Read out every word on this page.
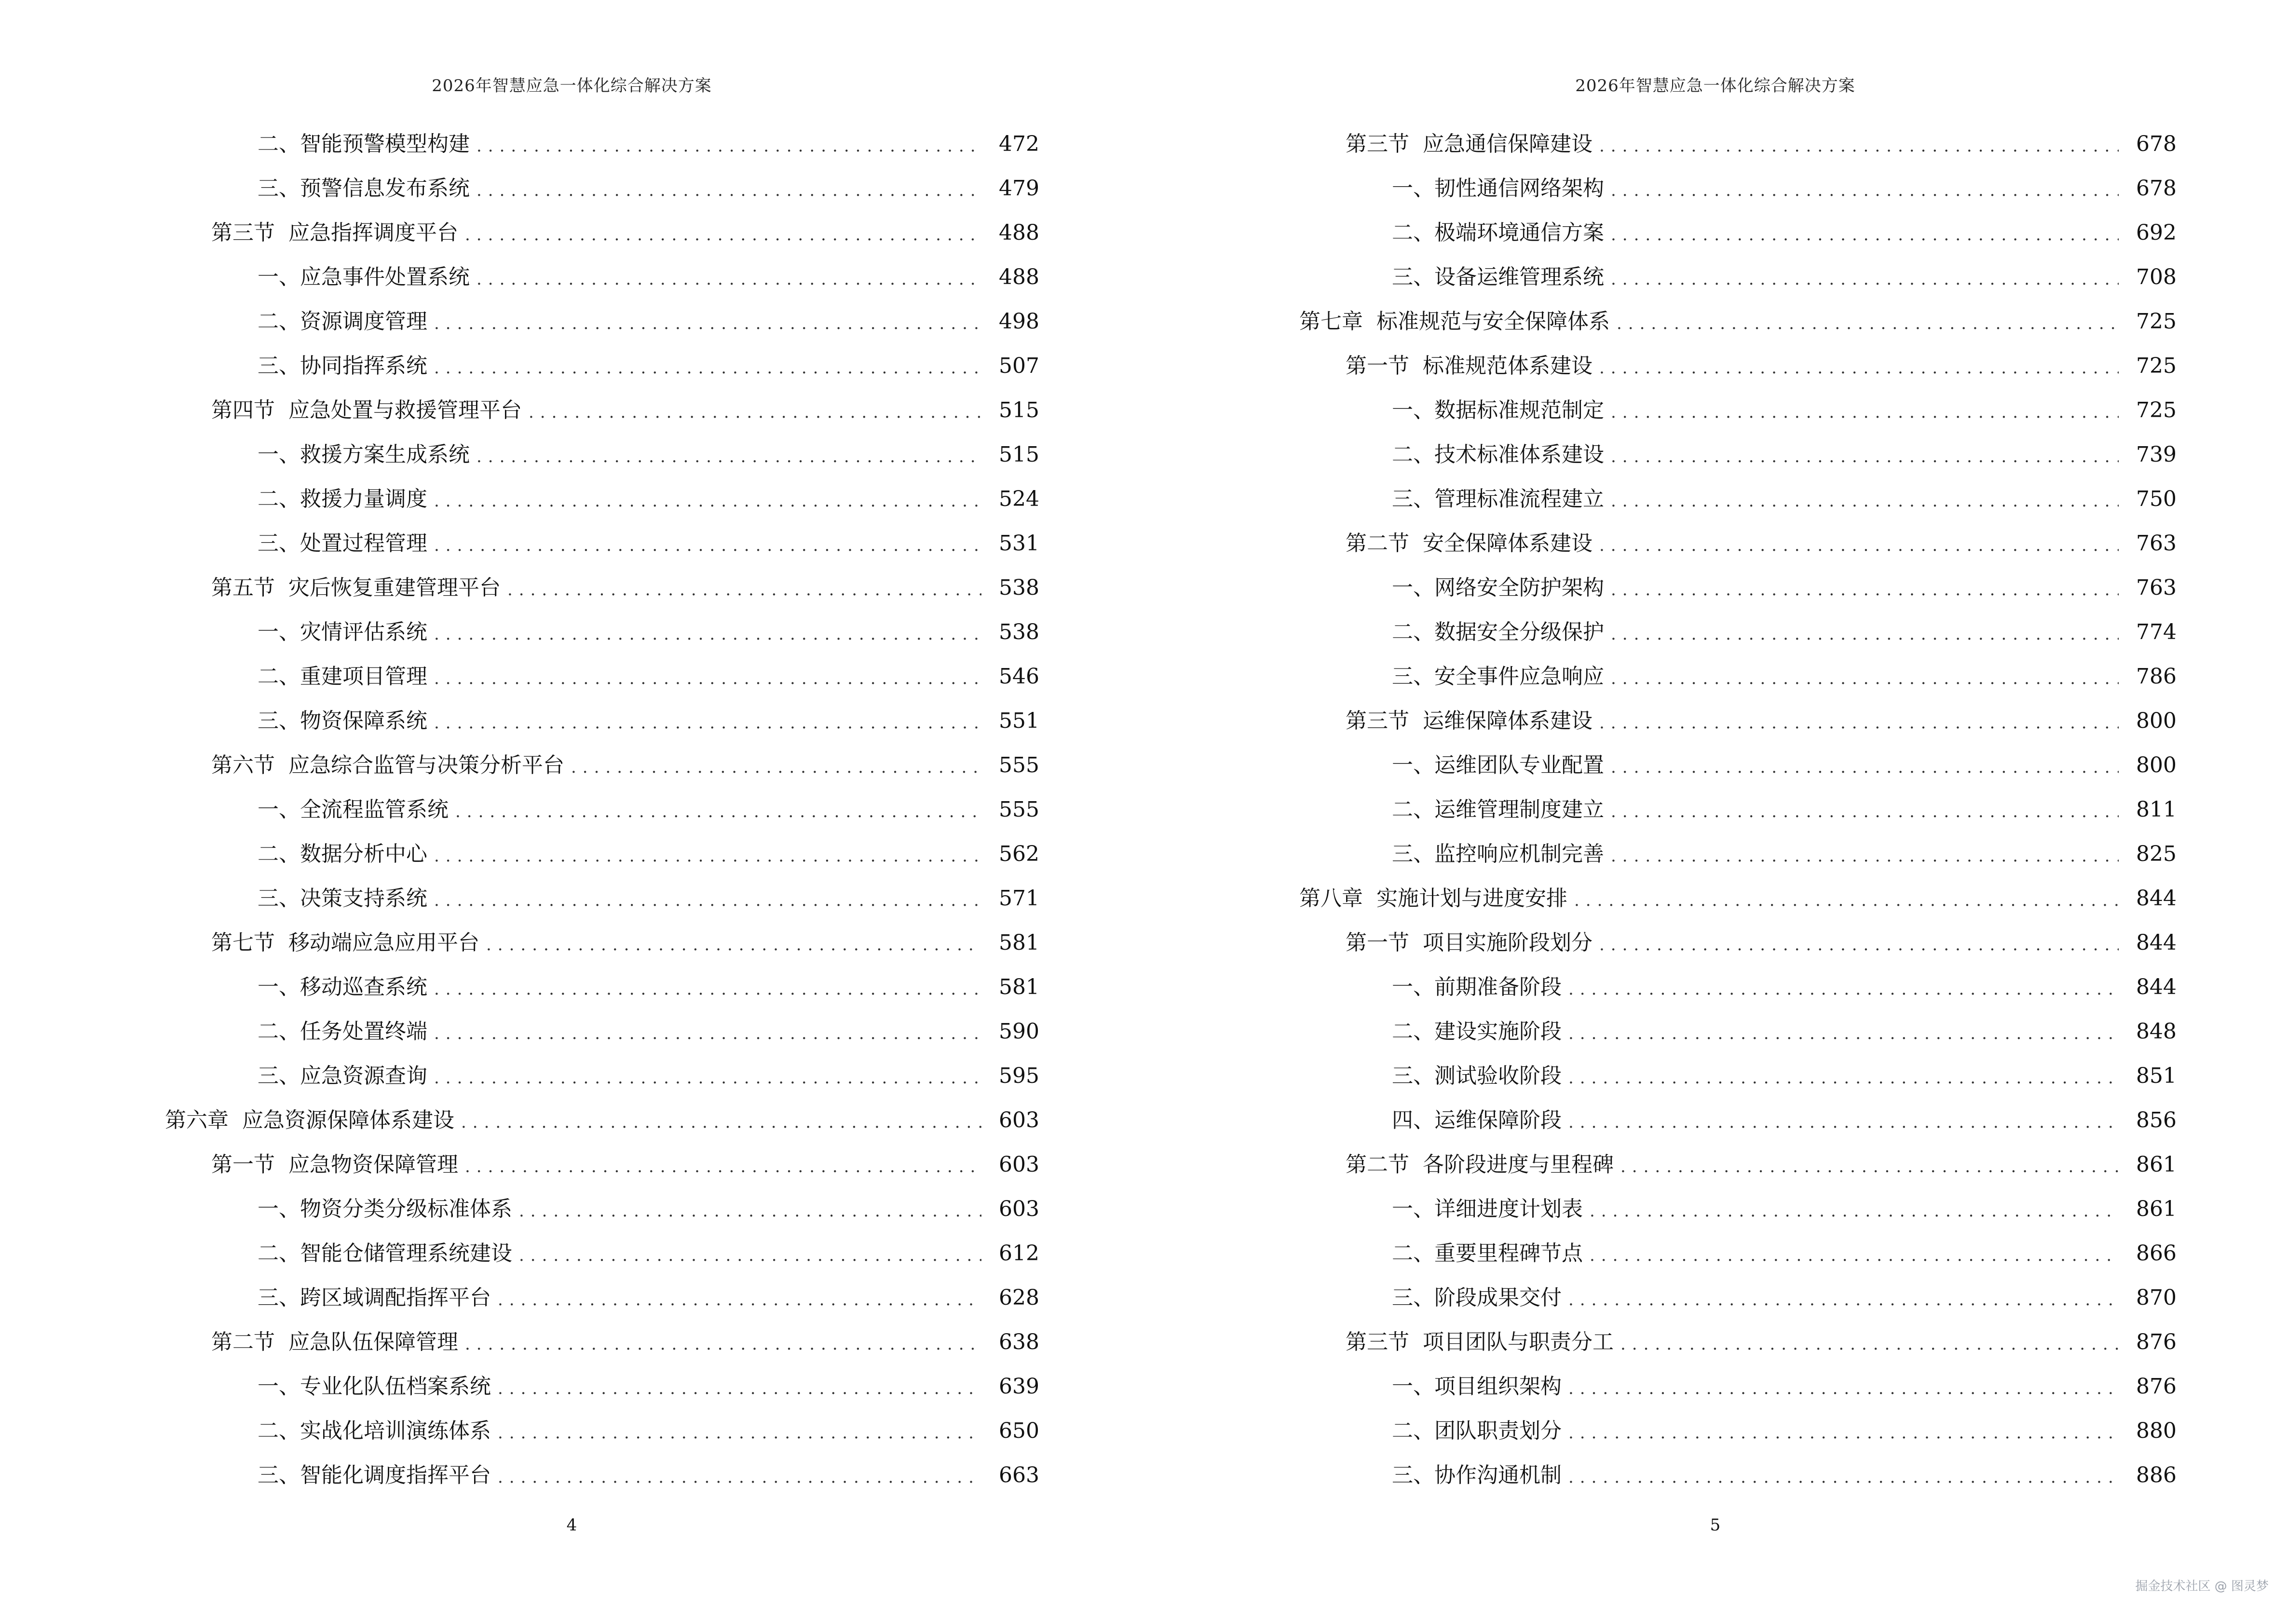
2026年智慧应急一体化综合解决方案
二、智能预警模型构建 .....	472
三、预警信息发布系统 .....	479
第三节  应急指挥调度平台 .....	488
一、应急事件处置系统 .....	488
二、资源调度管理 .....	498
三、协同指挥系统 .....	507
第四节  应急处置与救援管理平台 .....	515
一、救援方案生成系统 .....	515
二、救援力量调度 .....	524
三、处置过程管理 .....	531
第五节  灾后恢复重建管理平台 .....	538
一、灾情评估系统 .....	538
二、重建项目管理 .....	546
三、物资保障系统 .....	551
第六节  应急综合监管与决策分析平台 .....	555
一、全流程监管系统 .....	555
二、数据分析中心 .....	562
三、决策支持系统 .....	571
第七节  移动端应急应用平台 .....	581
一、移动巡查系统 .....	581
二、任务处置终端 .....	590
三、应急资源查询 .....	595
第六章  应急资源保障体系建设 .....	603
第一节  应急物资保障管理 .....	603
一、物资分类分级标准体系 .....	603
二、智能仓储管理系统建设 .....	612
三、跨区域调配指挥平台 .....	628
第二节  应急队伍保障管理 .....	638
一、专业化队伍档案系统 .....	639
二、实战化培训演练体系 .....	650
三、智能化调度指挥平台 .....	663
4
2026年智慧应急一体化综合解决方案
第三节  应急通信保障建设 .....	678
一、韧性通信网络架构 .....	678
二、极端环境通信方案 .....	692
三、设备运维管理系统 .....	708
第七章  标准规范与安全保障体系 .....	725
第一节  标准规范体系建设 .....	725
一、数据标准规范制定 .....	725
二、技术标准体系建设 .....	739
三、管理标准流程建立 .....	750
第二节  安全保障体系建设 .....	763
一、网络安全防护架构 .....	763
二、数据安全分级保护 .....	774
三、安全事件应急响应 .....	786
第三节  运维保障体系建设 .....	800
一、运维团队专业配置 .....	800
二、运维管理制度建立 .....	811
三、监控响应机制完善 .....	825
第八章  实施计划与进度安排 .....	844
第一节  项目实施阶段划分 .....	844
一、前期准备阶段 .....	844
二、建设实施阶段 .....	848
三、测试验收阶段 .....	851
四、运维保障阶段 .....	856
第二节  各阶段进度与里程碑 .....	861
一、详细进度计划表 .....	861
二、重要里程碑节点 .....	866
三、阶段成果交付 .....	870
第三节  项目团队与职责分工 .....	876
一、项目组织架构 .....	876
二、团队职责划分 .....	880
三、协作沟通机制 .....	886
5
掘金技术社区 @ 图灵梦
